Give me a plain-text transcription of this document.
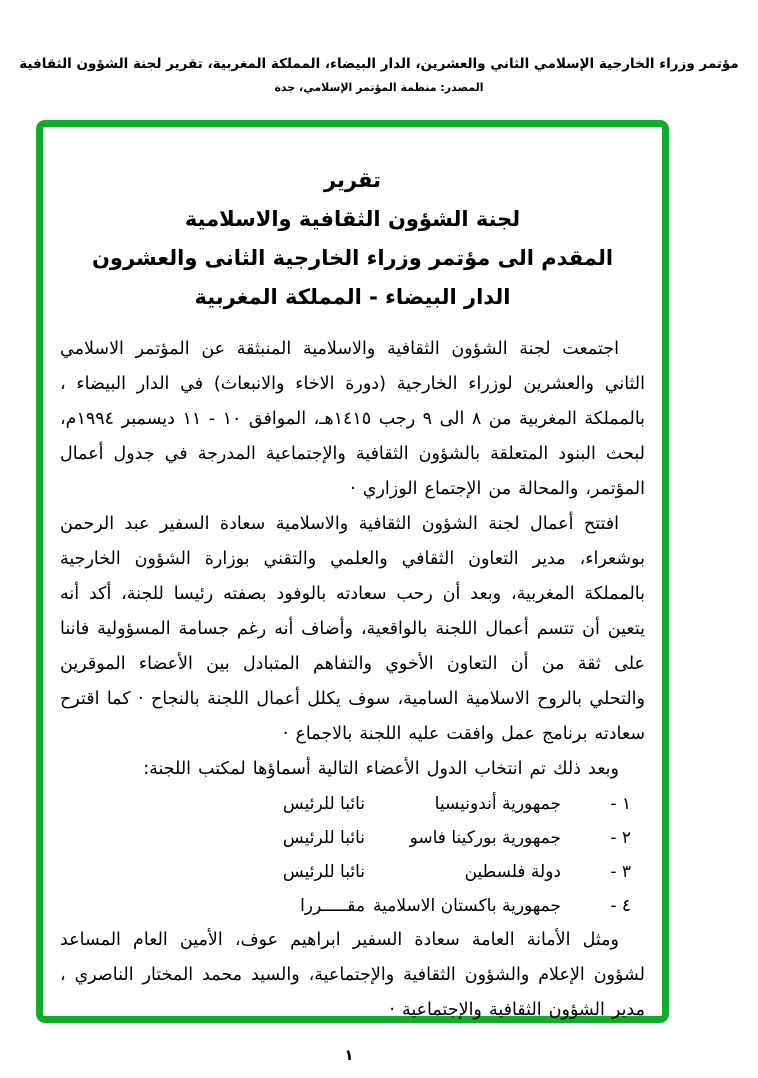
مؤتمر وزراء الخارجية الإسلامي الثاني والعشرين، الدار البيضاء، المملكة المغربية، تقرير لجنة الشؤون الثقافية
المصدر: منظمة المؤتمر الإسلامي، جدة
تقرير
لجنة الشؤون الثقافية والاسلامية
المقدم الى مؤتمر وزراء الخارجية الثانى والعشرون
الدار البيضاء - المملكة المغربية

اجتمعت لجنة الشؤون الثقافية والاسلامية المنبثقة عن المؤتمر الاسلامي الثاني والعشرين لوزراء الخارجية (دورة الاخاء والانبعاث) في الدار البيضاء ، بالمملكة المغربية من ٨ الى ٩ رجب ١٤١٥هـ، الموافق ١٠ - ١١ ديسمبر ١٩٩٤م، لبحث البنود المتعلقة بالشؤون الثقافية والإجتماعية المدرجة في جدول أعمال المؤتمر، والمحالة من الإجتماع الوزاري ·

افتتح أعمال لجنة الشؤون الثقافية والاسلامية سعادة السفير عبد الرحمن بوشعراء، مدير التعاون الثقافي والعلمي والتقني بوزارة الشؤون الخارجية بالمملكة المغربية، وبعد أن رحب سعادته بالوفود بصفته رئيسا للجنة، أكد أنه يتعين أن تتسم أعمال اللجنة بالواقعية، وأضاف أنه رغم جسامة المسؤولية فاننا على ثقة من أن التعاون الأخوي والتفاهم المتبادل بين الأعضاء الموقرين والتحلي بالروح الاسلامية السامية، سوف يكلل أعمال اللجنة بالنجاح · كما اقترح سعادته برنامج عمل وافقت عليه اللجنة بالاجماع ·

وبعد ذلك تم انتخاب الدول الأعضاء التالية أسماؤها لمكتب اللجنة:

١ -
جمهورية أندونيسيا
نائبا للرئيس
٢ -
جمهورية بوركينا فاسو
نائبا للرئيس
٣ -
دولة فلسطين
نائبا للرئيس
٤ -
جمهورية باكستان الاسلامية
مقـــــررا

ومثل الأمانة العامة سعادة السفير ابراهيم عوف، الأمين العام المساعد لشؤون الإعلام والشؤون الثقافية والإجتماعية، والسيد محمد المختار الناصري ، مدير الشؤون الثقافية والإجتماعية ·

١
